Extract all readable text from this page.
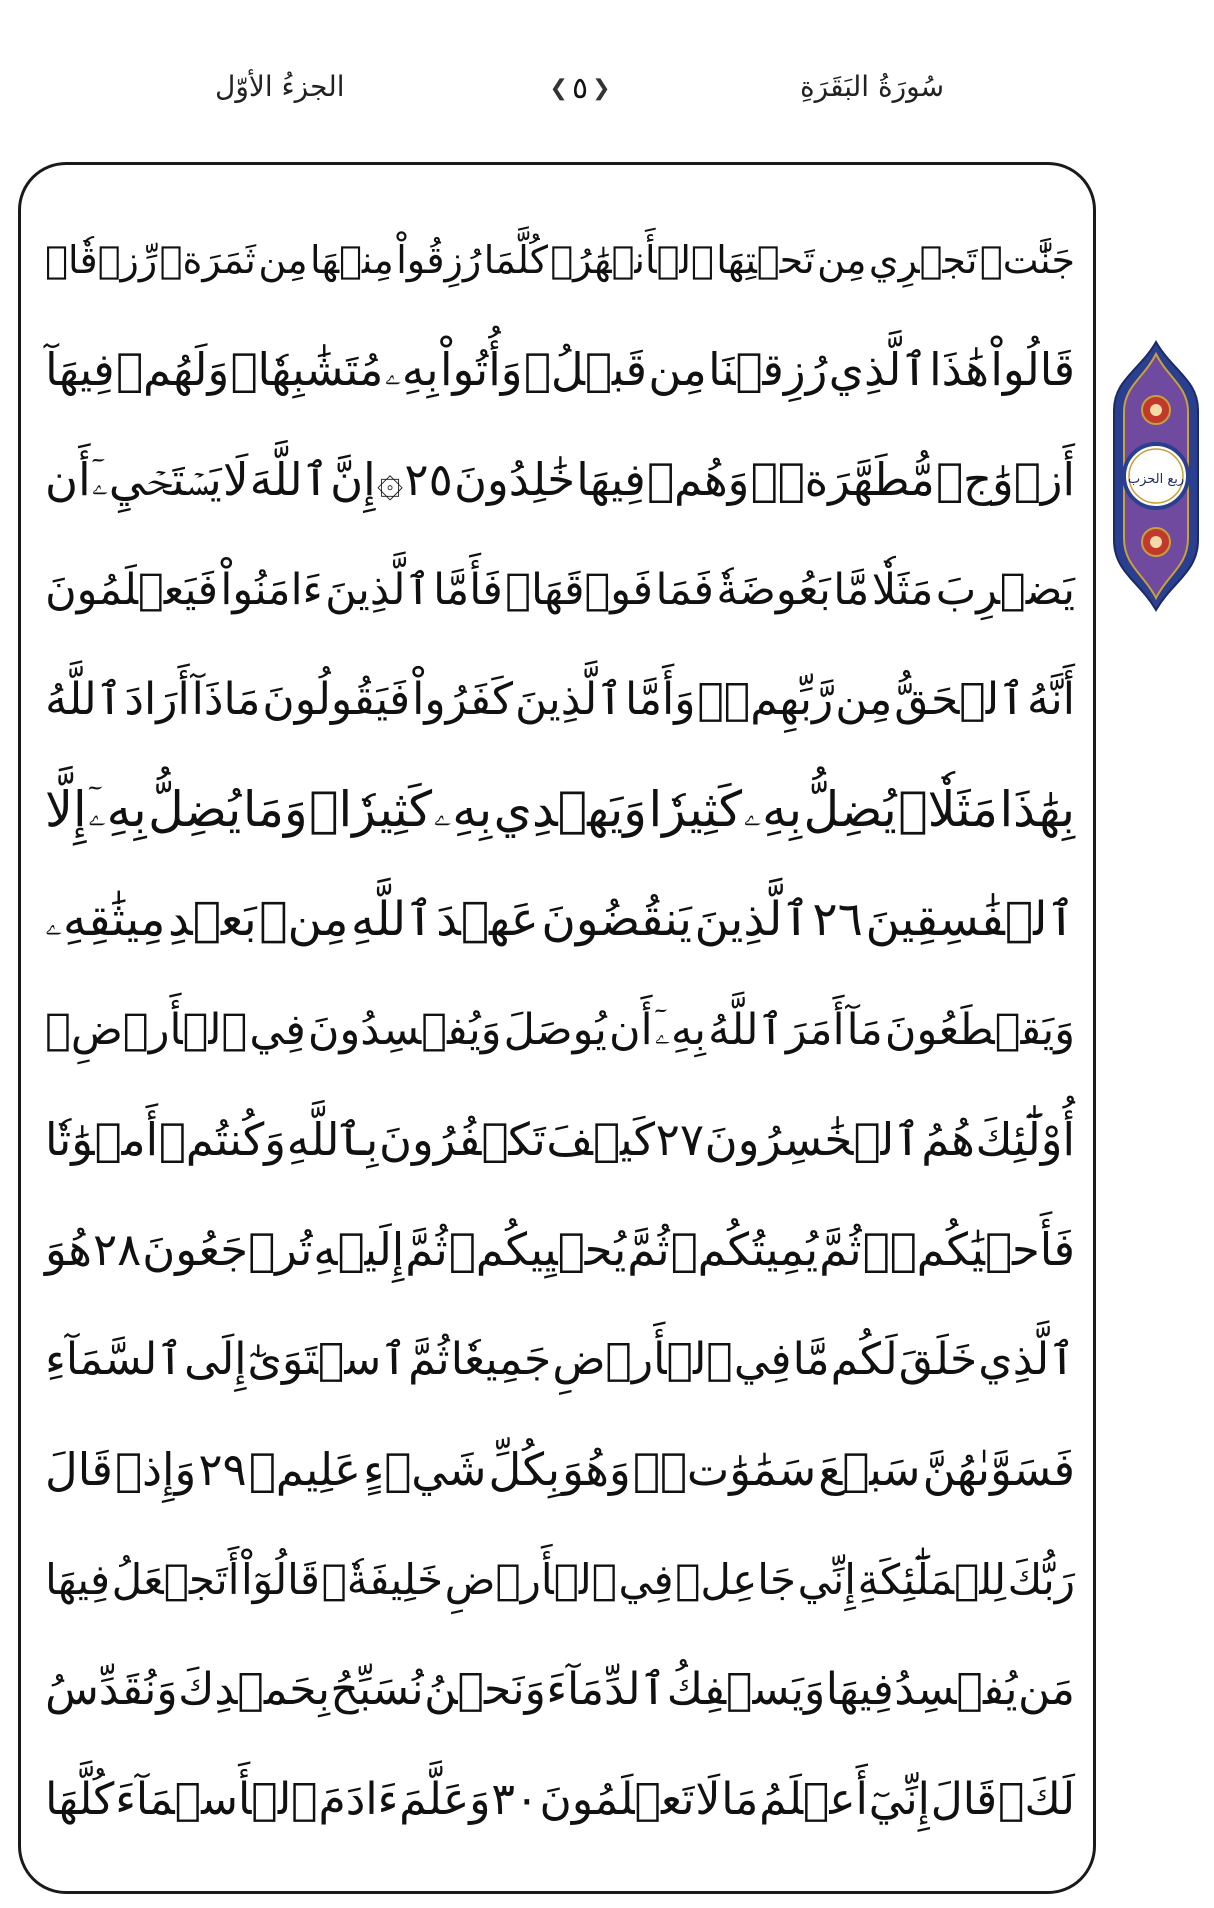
الجزءُ الأوّل	❮ ٥ ❯	سُورَةُ البَقَرَةِ
جَنَّٰتٖ
تَجۡرِي
مِن
تَحۡتِهَا
ٱلۡأَنۡهَٰرُۖ
كُلَّمَا
رُزِقُواْ
مِنۡهَا
مِن
ثَمَرَةٖ
رِّزۡقٗاۙ
قَالُواْ
هَٰذَا
ٱلَّذِي
رُزِقۡنَا
مِن
قَبۡلُۖ
وَأُتُواْ
بِهِۦ
مُتَشَٰبِهٗاۖ
وَلَهُمۡ
فِيهَآ
أَزۡوَٰجٞ
مُّطَهَّرَةٞۖ
وَهُمۡ
فِيهَا
خَٰلِدُونَ
٢٥
۞
إِنَّ
ٱللَّهَ
لَا
يَسۡتَحۡيِۦٓ
أَن
يَضۡرِبَ
مَثَلٗا
مَّا
بَعُوضَةٗ
فَمَا
فَوۡقَهَاۚ
فَأَمَّا
ٱلَّذِينَ
ءَامَنُواْ
فَيَعۡلَمُونَ
أَنَّهُ
ٱلۡحَقُّ
مِن
رَّبِّهِمۡۖ
وَأَمَّا
ٱلَّذِينَ
كَفَرُواْ
فَيَقُولُونَ
مَاذَآ
أَرَادَ
ٱللَّهُ
بِهَٰذَا
مَثَلٗاۘ
يُضِلُّ
بِهِۦ
كَثِيرٗا
وَيَهۡدِي
بِهِۦ
كَثِيرٗاۚ
وَمَا
يُضِلُّ
بِهِۦٓ
إِلَّا
ٱلۡفَٰسِقِينَ
٢٦
ٱلَّذِينَ
يَنقُضُونَ
عَهۡدَ
ٱللَّهِ
مِنۢ
بَعۡدِ
مِيثَٰقِهِۦ
وَيَقۡطَعُونَ
مَآ
أَمَرَ
ٱللَّهُ
بِهِۦٓ
أَن
يُوصَلَ
وَيُفۡسِدُونَ
فِي
ٱلۡأَرۡضِۚ
أُوْلَٰٓئِكَ
هُمُ
ٱلۡخَٰسِرُونَ
٢٧
كَيۡفَ
تَكۡفُرُونَ
بِٱللَّهِ
وَكُنتُمۡ
أَمۡوَٰتٗا
فَأَحۡيَٰكُمۡۖ
ثُمَّ
يُمِيتُكُمۡ
ثُمَّ
يُحۡيِيكُمۡ
ثُمَّ
إِلَيۡهِ
تُرۡجَعُونَ
٢٨
هُوَ
ٱلَّذِي
خَلَقَ
لَكُم
مَّا
فِي
ٱلۡأَرۡضِ
جَمِيعٗا
ثُمَّ
ٱسۡتَوَىٰٓ
إِلَى
ٱلسَّمَآءِ
فَسَوَّىٰهُنَّ
سَبۡعَ
سَمَٰوَٰتٖۚ
وَهُوَ
بِكُلِّ
شَيۡءٍ
عَلِيمٞ
٢٩
وَإِذۡ
قَالَ
رَبُّكَ
لِلۡمَلَٰٓئِكَةِ
إِنِّي
جَاعِلٞ
فِي
ٱلۡأَرۡضِ
خَلِيفَةٗۖ
قَالُوٓاْ
أَتَجۡعَلُ
فِيهَا
مَن
يُفۡسِدُ
فِيهَا
وَيَسۡفِكُ
ٱلدِّمَآءَ
وَنَحۡنُ
نُسَبِّحُ
بِحَمۡدِكَ
وَنُقَدِّسُ
لَكَۖ
قَالَ
إِنِّيٓ
أَعۡلَمُ
مَا
لَا
تَعۡلَمُونَ
٣٠
وَعَلَّمَ
ءَادَمَ
ٱلۡأَسۡمَآءَ
كُلَّهَا
ربع الحزب
